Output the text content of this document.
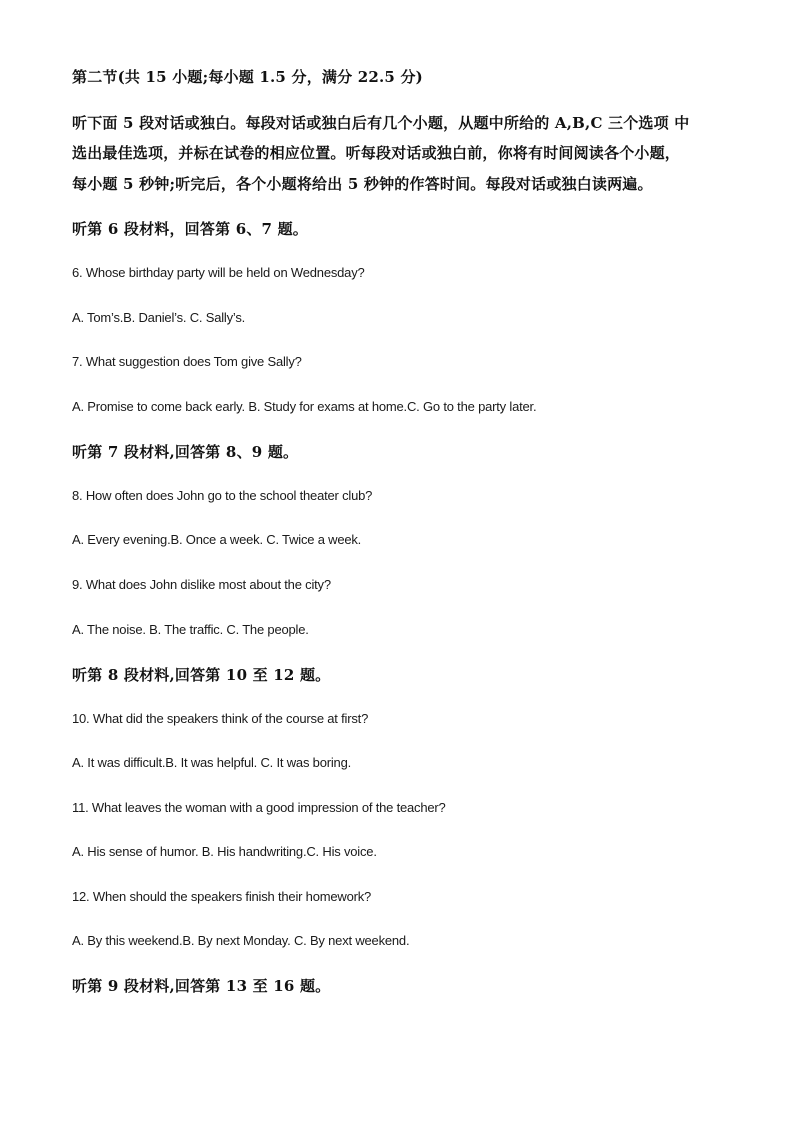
第二节(共 15 小题;每小题 1.5 分，满分 22.5 分)
听下面 5 段对话或独白。每段对话或独白后有几个小题，从题中所给的 A,B,C 三个选项 中
选出最佳选项，并标在试卷的相应位置。听每段对话或独白前，你将有时间阅读各个小题，
每小题 5 秒钟;听完后，各个小题将给出 5 秒钟的作答时间。每段对话或独白读两遍。
听第 6 段材料，回答第 6、7 题。
6. Whose birthday party will be held on Wednesday?
A. Tom’s.B. Daniel’s. C. Sally’s.
7. What suggestion does Tom give Sally?
A. Promise to come back early. B. Study for exams at home.C. Go to the party later.
听第 7 段材料,回答第 8、9 题。
8. How often does John go to the school theater club?
A. Every evening.B. Once a week. C. Twice a week.
9. What does John dislike most about the city?
A. The noise. B. The traffic. C. The people.
听第 8 段材料,回答第 10 至 12 题。
10. What did the speakers think of the course at first?
A. It was difficult.B. It was helpful. C. It was boring.
11. What leaves the woman with a good impression of the teacher?
A. His sense of humor. B. His handwriting.C. His voice.
12. When should the speakers finish their homework?
A. By this weekend.B. By next Monday. C. By next weekend.
听第 9 段材料,回答第 13 至 16 题。
